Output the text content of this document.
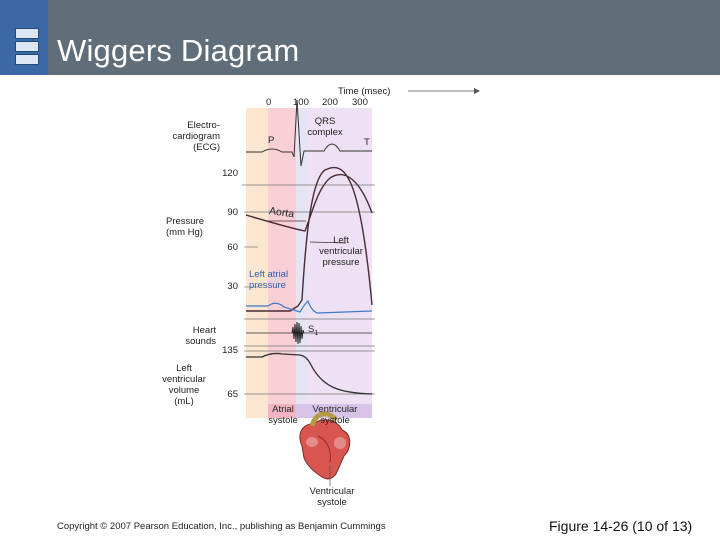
Wiggers Diagram
Time (msec)
0 100 200 300
Electro-
cardiogram
(ECG)
P
QRS
complex
T
120
90
60
30
Pressure
(mm Hg)
Aorta
Left
ventricular
pressure
Left atrial
pressure
Heart
sounds
$S_1$
135
65
Left
ventricular
volume
(mL)
Atrial
systole
Ventricular
systole
Ventricular
systole
Copyright © 2007 Pearson Education, Inc., publishing as Benjamin Cummings	Figure 14-26 (10 of 13)
